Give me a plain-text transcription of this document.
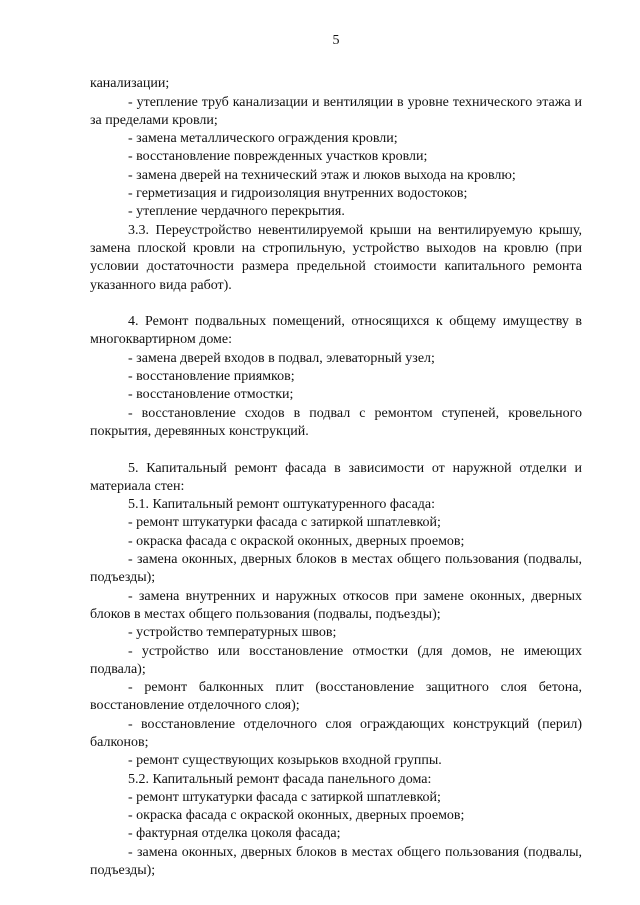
5

канализации;

- утепление труб канализации и вентиляции в уровне технического этажа и за пределами кровли;

- замена металлического ограждения кровли;

- восстановление поврежденных участков кровли;

- замена дверей на технический этаж и люков выхода на кровлю;

- герметизация и гидроизоляция внутренних водостоков;

- утепление чердачного перекрытия.

3.3. Переустройство невентилируемой крыши на вентилируемую крышу, замена плоской кровли на стропильную, устройство выходов на кровлю (при условии достаточности размера предельной стоимости капитального ремонта указанного вида работ).

4. Ремонт подвальных помещений, относящихся к общему имуществу в многоквартирном доме:

- замена дверей входов в подвал, элеваторный узел;

- восстановление приямков;

- восстановление отмостки;

- восстановление сходов в подвал с ремонтом ступеней, кровельного покрытия, деревянных конструкций.

5. Капитальный ремонт фасада в зависимости от наружной отделки и материала стен:

5.1. Капитальный ремонт оштукатуренного фасада:

- ремонт штукатурки фасада с затиркой шпатлевкой;

- окраска фасада с окраской оконных, дверных проемов;

- замена оконных, дверных блоков в местах общего пользования (подвалы, подъезды);

- замена внутренних и наружных откосов при замене оконных, дверных блоков в местах общего пользования (подвалы, подъезды);

- устройство температурных швов;

- устройство или восстановление отмостки (для домов, не имеющих подвала);

- ремонт балконных плит (восстановление защитного слоя бетона, восстановление отделочного слоя);

- восстановление отделочного слоя ограждающих конструкций (перил) балконов;

- ремонт существующих козырьков входной группы.

5.2. Капитальный ремонт фасада панельного дома:

- ремонт штукатурки фасада с затиркой шпатлевкой;

- окраска фасада с окраской оконных, дверных проемов;

- фактурная отделка цоколя фасада;

- замена оконных, дверных блоков в местах общего пользования (подвалы, подъезды);
